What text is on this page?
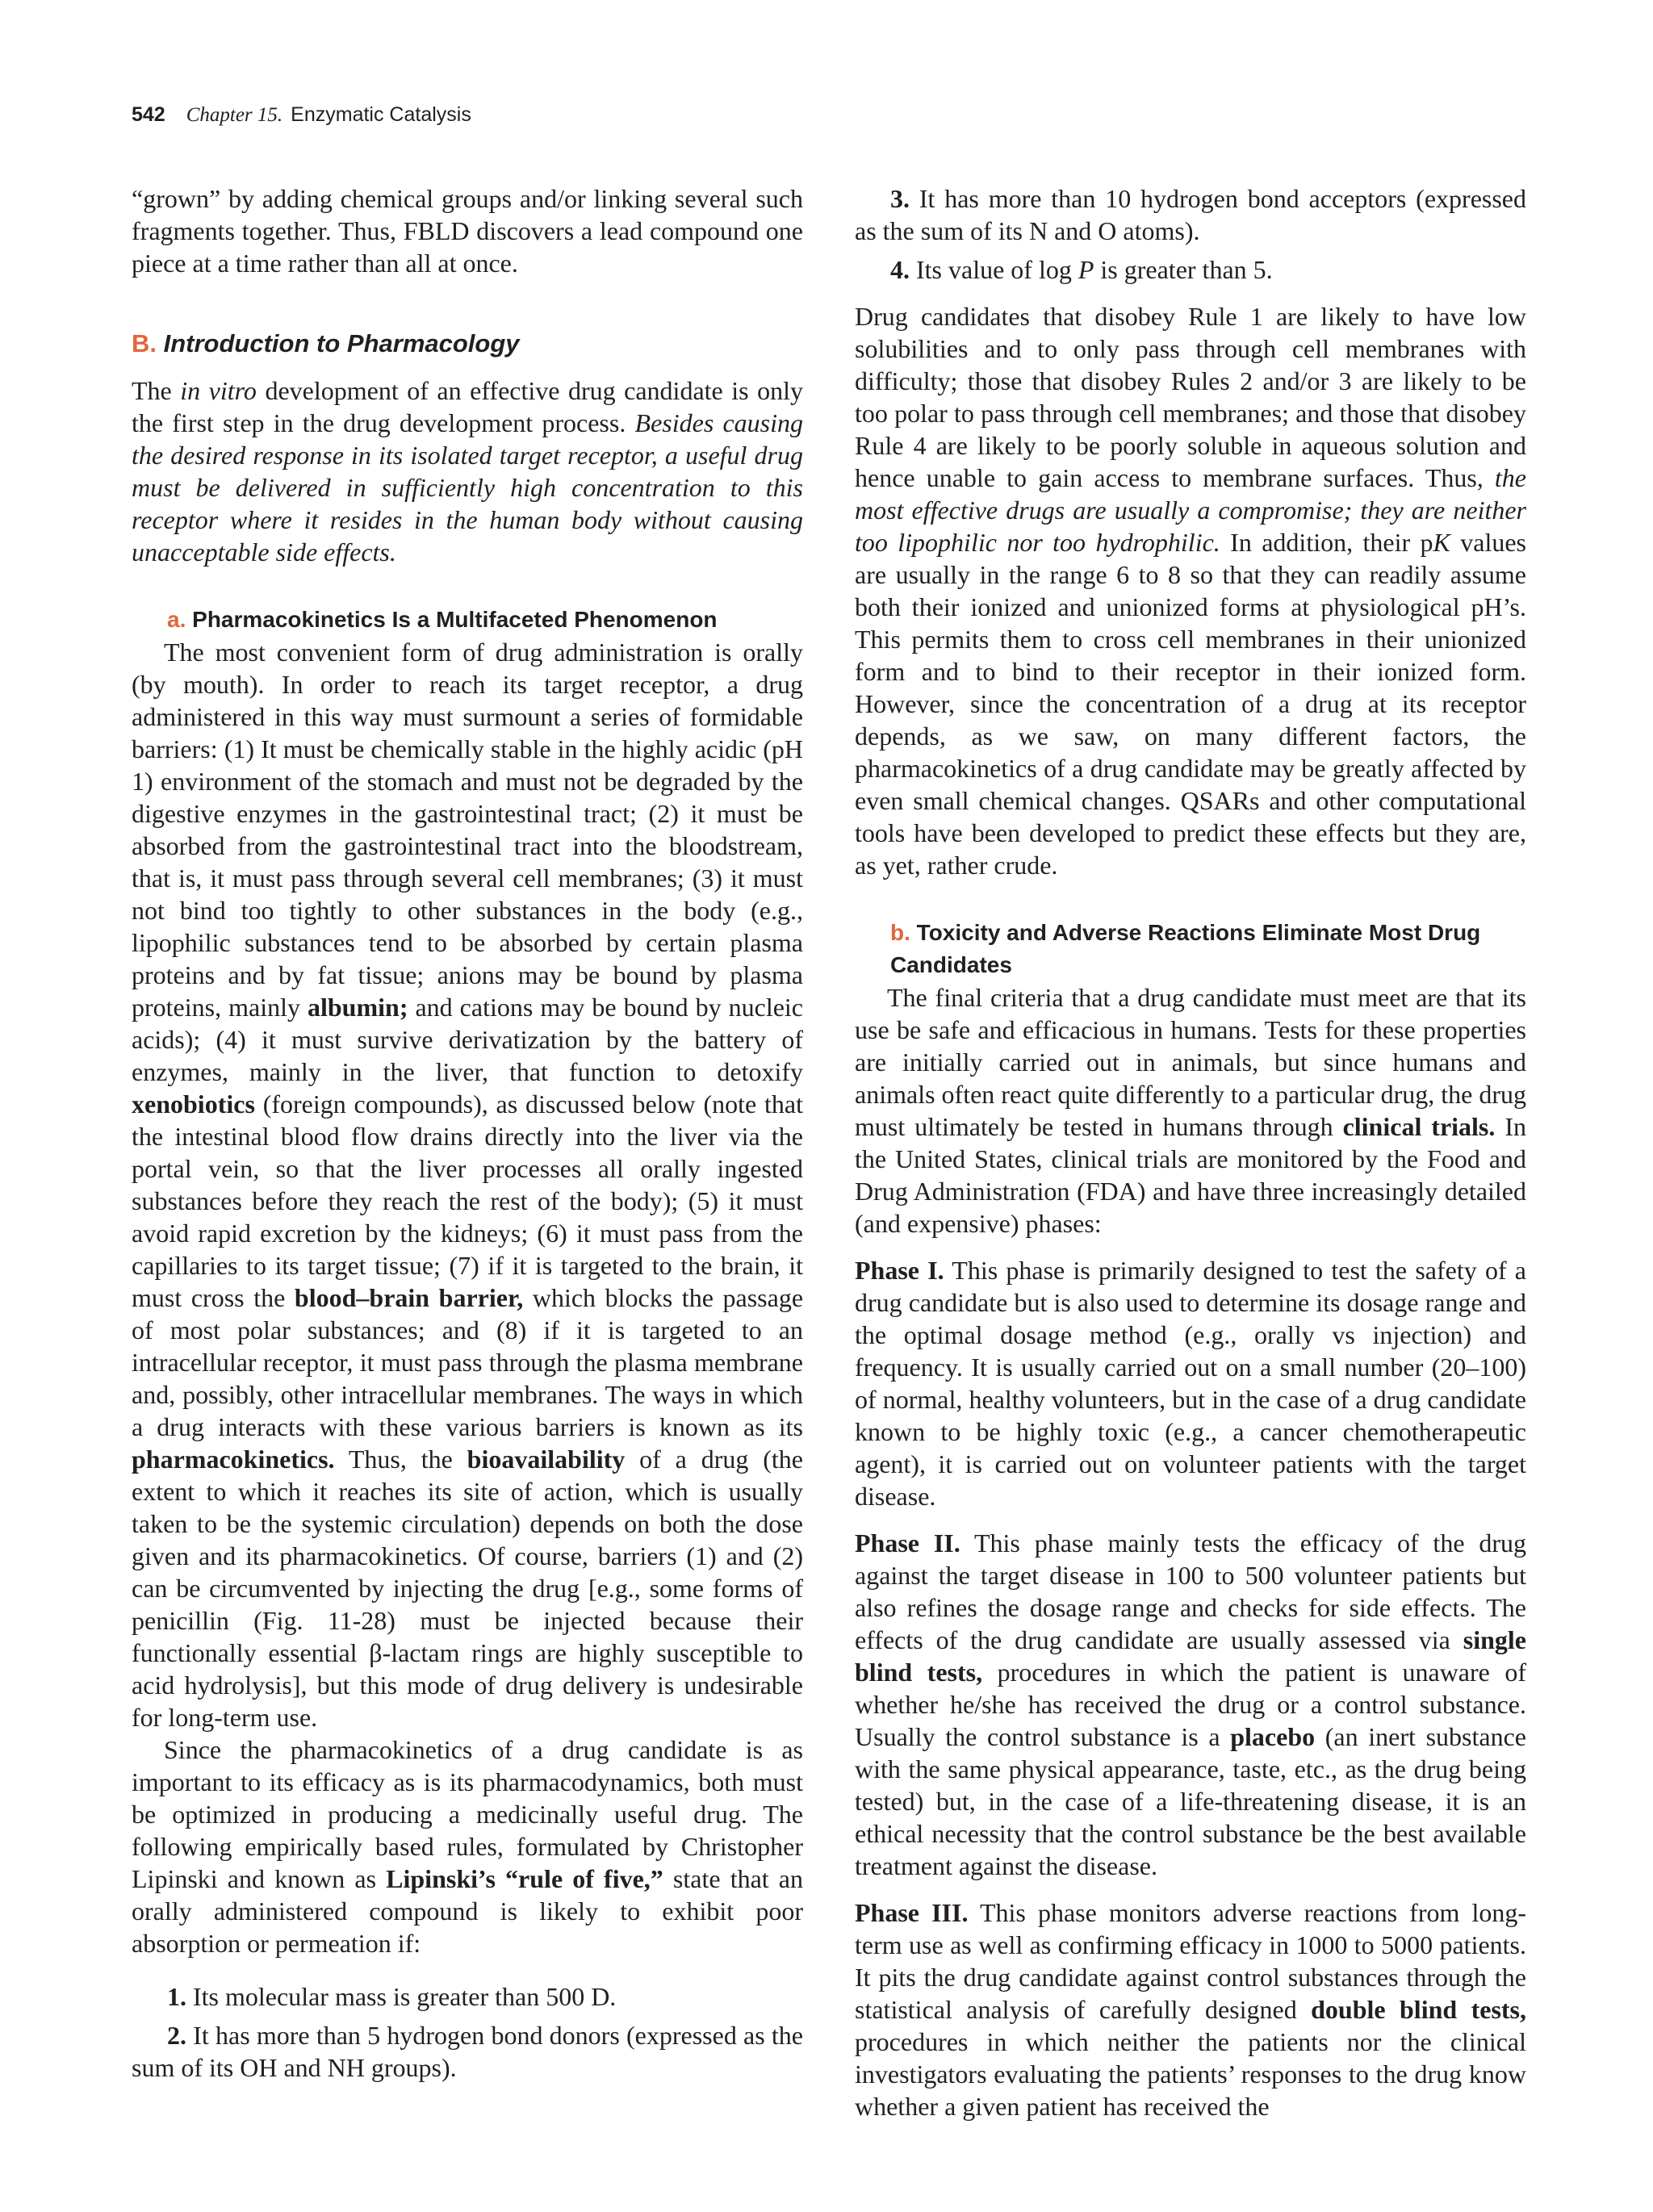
542 Chapter 15. Enzymatic Catalysis

“grown” by adding chemical groups and/or linking several such fragments together. Thus, FBLD discovers a lead compound one piece at a time rather than all at once.

B. Introduction to Pharmacology

The in vitro development of an effective drug candidate is only the first step in the drug development process. Besides causing the desired response in its isolated target receptor, a useful drug must be delivered in sufficiently high concentration to this receptor where it resides in the human body without causing unacceptable side effects.

a. Pharmacokinetics Is a Multifaceted Phenomenon

The most convenient form of drug administration is orally (by mouth). In order to reach its target receptor, a drug administered in this way must surmount a series of formidable barriers: (1) It must be chemically stable in the highly acidic (pH 1) environment of the stomach and must not be degraded by the digestive enzymes in the gastrointestinal tract; (2) it must be absorbed from the gastrointestinal tract into the bloodstream, that is, it must pass through several cell membranes; (3) it must not bind too tightly to other substances in the body (e.g., lipophilic substances tend to be absorbed by certain plasma proteins and by fat tissue; anions may be bound by plasma proteins, mainly albumin; and cations may be bound by nucleic acids); (4) it must survive derivatization by the battery of enzymes, mainly in the liver, that function to detoxify xenobiotics (foreign compounds), as discussed below (note that the intestinal blood flow drains directly into the liver via the portal vein, so that the liver processes all orally ingested substances before they reach the rest of the body); (5) it must avoid rapid excretion by the kidneys; (6) it must pass from the capillaries to its target tissue; (7) if it is targeted to the brain, it must cross the blood–brain barrier, which blocks the passage of most polar substances; and (8) if it is targeted to an intracellular receptor, it must pass through the plasma membrane and, possibly, other intracellular membranes. The ways in which a drug interacts with these various barriers is known as its pharmacokinetics. Thus, the bioavailability of a drug (the extent to which it reaches its site of action, which is usually taken to be the systemic circulation) depends on both the dose given and its pharmacokinetics. Of course, barriers (1) and (2) can be circumvented by injecting the drug [e.g., some forms of penicillin (Fig. 11-28) must be injected because their functionally essential β-lactam rings are highly susceptible to acid hydrolysis], but this mode of drug delivery is undesirable for long-term use.

Since the pharmacokinetics of a drug candidate is as important to its efficacy as is its pharmacodynamics, both must be optimized in producing a medicinally useful drug. The following empirically based rules, formulated by Christopher Lipinski and known as Lipinski’s “rule of five,” state that an orally administered compound is likely to exhibit poor absorption or permeation if:

1. Its molecular mass is greater than 500 D.

2. It has more than 5 hydrogen bond donors (expressed as the sum of its OH and NH groups).

3. It has more than 10 hydrogen bond acceptors (expressed as the sum of its N and O atoms).

4. Its value of log P is greater than 5.

Drug candidates that disobey Rule 1 are likely to have low solubilities and to only pass through cell membranes with difficulty; those that disobey Rules 2 and/or 3 are likely to be too polar to pass through cell membranes; and those that disobey Rule 4 are likely to be poorly soluble in aqueous solution and hence unable to gain access to membrane surfaces. Thus, the most effective drugs are usually a compromise; they are neither too lipophilic nor too hydrophilic. In addition, their pK values are usually in the range 6 to 8 so that they can readily assume both their ionized and unionized forms at physiological pH’s. This permits them to cross cell membranes in their unionized form and to bind to their receptor in their ionized form. However, since the concentration of a drug at its receptor depends, as we saw, on many different factors, the pharmacokinetics of a drug candidate may be greatly affected by even small chemical changes. QSARs and other computational tools have been developed to predict these effects but they are, as yet, rather crude.

b. Toxicity and Adverse Reactions Eliminate Most Drug Candidates

The final criteria that a drug candidate must meet are that its use be safe and efficacious in humans. Tests for these properties are initially carried out in animals, but since humans and animals often react quite differently to a particular drug, the drug must ultimately be tested in humans through clinical trials. In the United States, clinical trials are monitored by the Food and Drug Administration (FDA) and have three increasingly detailed (and expensive) phases:

Phase I. This phase is primarily designed to test the safety of a drug candidate but is also used to determine its dosage range and the optimal dosage method (e.g., orally vs injection) and frequency. It is usually carried out on a small number (20–100) of normal, healthy volunteers, but in the case of a drug candidate known to be highly toxic (e.g., a cancer chemotherapeutic agent), it is carried out on volunteer patients with the target disease.

Phase II. This phase mainly tests the efficacy of the drug against the target disease in 100 to 500 volunteer patients but also refines the dosage range and checks for side effects. The effects of the drug candidate are usually assessed via single blind tests, procedures in which the patient is unaware of whether he/she has received the drug or a control substance. Usually the control substance is a placebo (an inert substance with the same physical appearance, taste, etc., as the drug being tested) but, in the case of a life-threatening disease, it is an ethical necessity that the control substance be the best available treatment against the disease.

Phase III. This phase monitors adverse reactions from long-term use as well as confirming efficacy in 1000 to 5000 patients. It pits the drug candidate against control substances through the statistical analysis of carefully designed double blind tests, procedures in which neither the patients nor the clinical investigators evaluating the patients’ responses to the drug know whether a given patient has received the
